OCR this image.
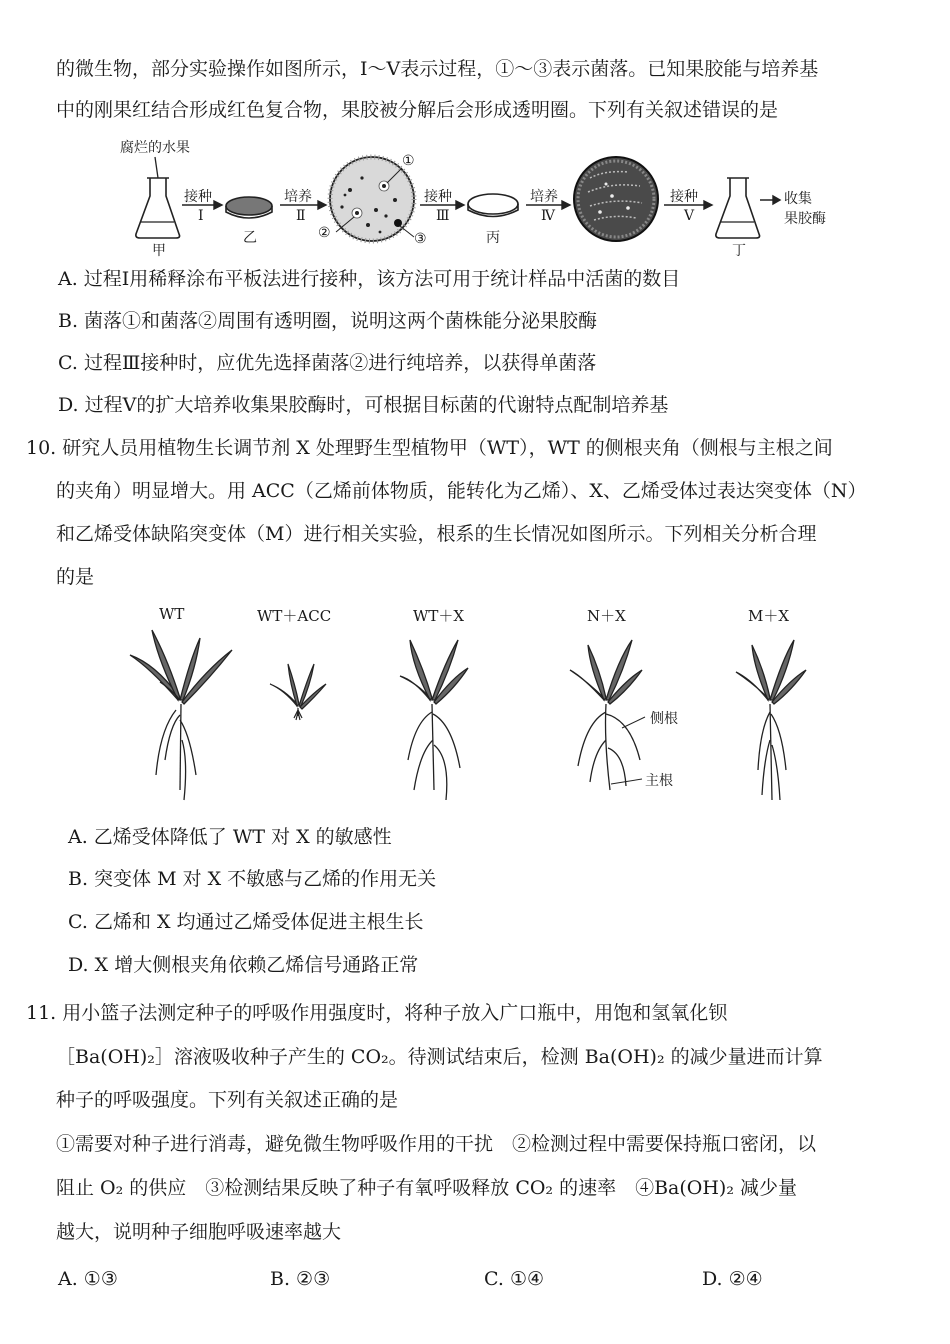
的微生物，部分实验操作如图所示，Ⅰ～Ⅴ表示过程，①～③表示菌落。已知果胶能与培养基
中的刚果红结合形成红色复合物，果胶被分解后会形成透明圈。下列有关叙述错误的是
腐烂的水果
甲
接种
Ⅰ
乙
培养
Ⅱ
①
②	③
接种
Ⅲ
丙
培养
Ⅳ
接种
Ⅴ
丁
收集
果胶酶
A. 过程Ⅰ用稀释涂布平板法进行接种，该方法可用于统计样品中活菌的数目
B. 菌落①和菌落②周围有透明圈，说明这两个菌株能分泌果胶酶
C. 过程Ⅲ接种时，应优先选择菌落②进行纯培养，以获得单菌落
D. 过程Ⅴ的扩大培养收集果胶酶时，可根据目标菌的代谢特点配制培养基
10. 研究人员用植物生长调节剂 X 处理野生型植物甲（WT），WT 的侧根夹角（侧根与主根之间
的夹角）明显增大。用 ACC（乙烯前体物质，能转化为乙烯）、X、乙烯受体过表达突变体（N）
和乙烯受体缺陷突变体（M）进行相关实验，根系的生长情况如图所示。下列相关分析合理
的是
WT	WT＋ACC	WT＋X	N＋X	M＋X
侧根
主根
A. 乙烯受体降低了 WT 对 X 的敏感性
B. 突变体 M 对 X 不敏感与乙烯的作用无关
C. 乙烯和 X 均通过乙烯受体促进主根生长
D. X 增大侧根夹角依赖乙烯信号通路正常
11. 用小篮子法测定种子的呼吸作用强度时，将种子放入广口瓶中，用饱和氢氧化钡
［Ba(OH)₂］溶液吸收种子产生的 CO₂。待测试结束后，检测 Ba(OH)₂ 的减少量进而计算
种子的呼吸强度。下列有关叙述正确的是
①需要对种子进行消毒，避免微生物呼吸作用的干扰　②检测过程中需要保持瓶口密闭，以
阻止 O₂ 的供应　③检测结果反映了种子有氧呼吸释放 CO₂ 的速率　④Ba(OH)₂ 减少量
越大，说明种子细胞呼吸速率越大
A. ①③	B. ②③	C. ①④	D. ②④
